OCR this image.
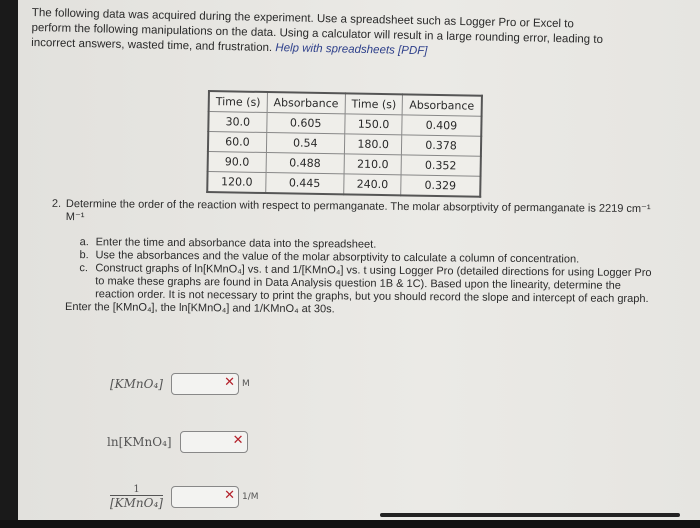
The following data was acquired during the experiment. Use a spreadsheet such as Logger Pro or Excel to perform the following manipulations on the data. Using a calculator will result in a large rounding error, leading to incorrect answers, wasted time, and frustration. Help with spreadsheets [PDF]
Time (s)	Absorbance	Time (s)	Absorbance
30.0	0.605	150.0	0.409
60.0	0.54	180.0	0.378
90.0	0.488	210.0	0.352
120.0	0.445	240.0	0.329

2. Determine the order of the reaction with respect to permanganate. The molar absorptivity of permanganate is 2219 cm⁻¹ M⁻¹

a. Enter the time and absorbance data into the spreadsheet.
b. Use the absorbances and the value of the molar absorptivity to calculate a column of concentration.
c. Construct graphs of ln[KMnO₄] vs. t and 1/[KMnO₄] vs. t using Logger Pro (detailed directions for using Logger Pro to make these graphs are found in Data Analysis question 1B & 1C). Based upon the linearity, determine the reaction order. It is not necessary to print the graphs, but you should record the slope and intercept of each graph.

Enter the [KMnO₄], the ln[KMnO₄] and 1/KMnO₄ at 30s.

[KMnO₄]	✕ M
ln[KMnO₄]	✕
$\frac{1}{\text{[KMnO₄]}}$	✕ 1/M
